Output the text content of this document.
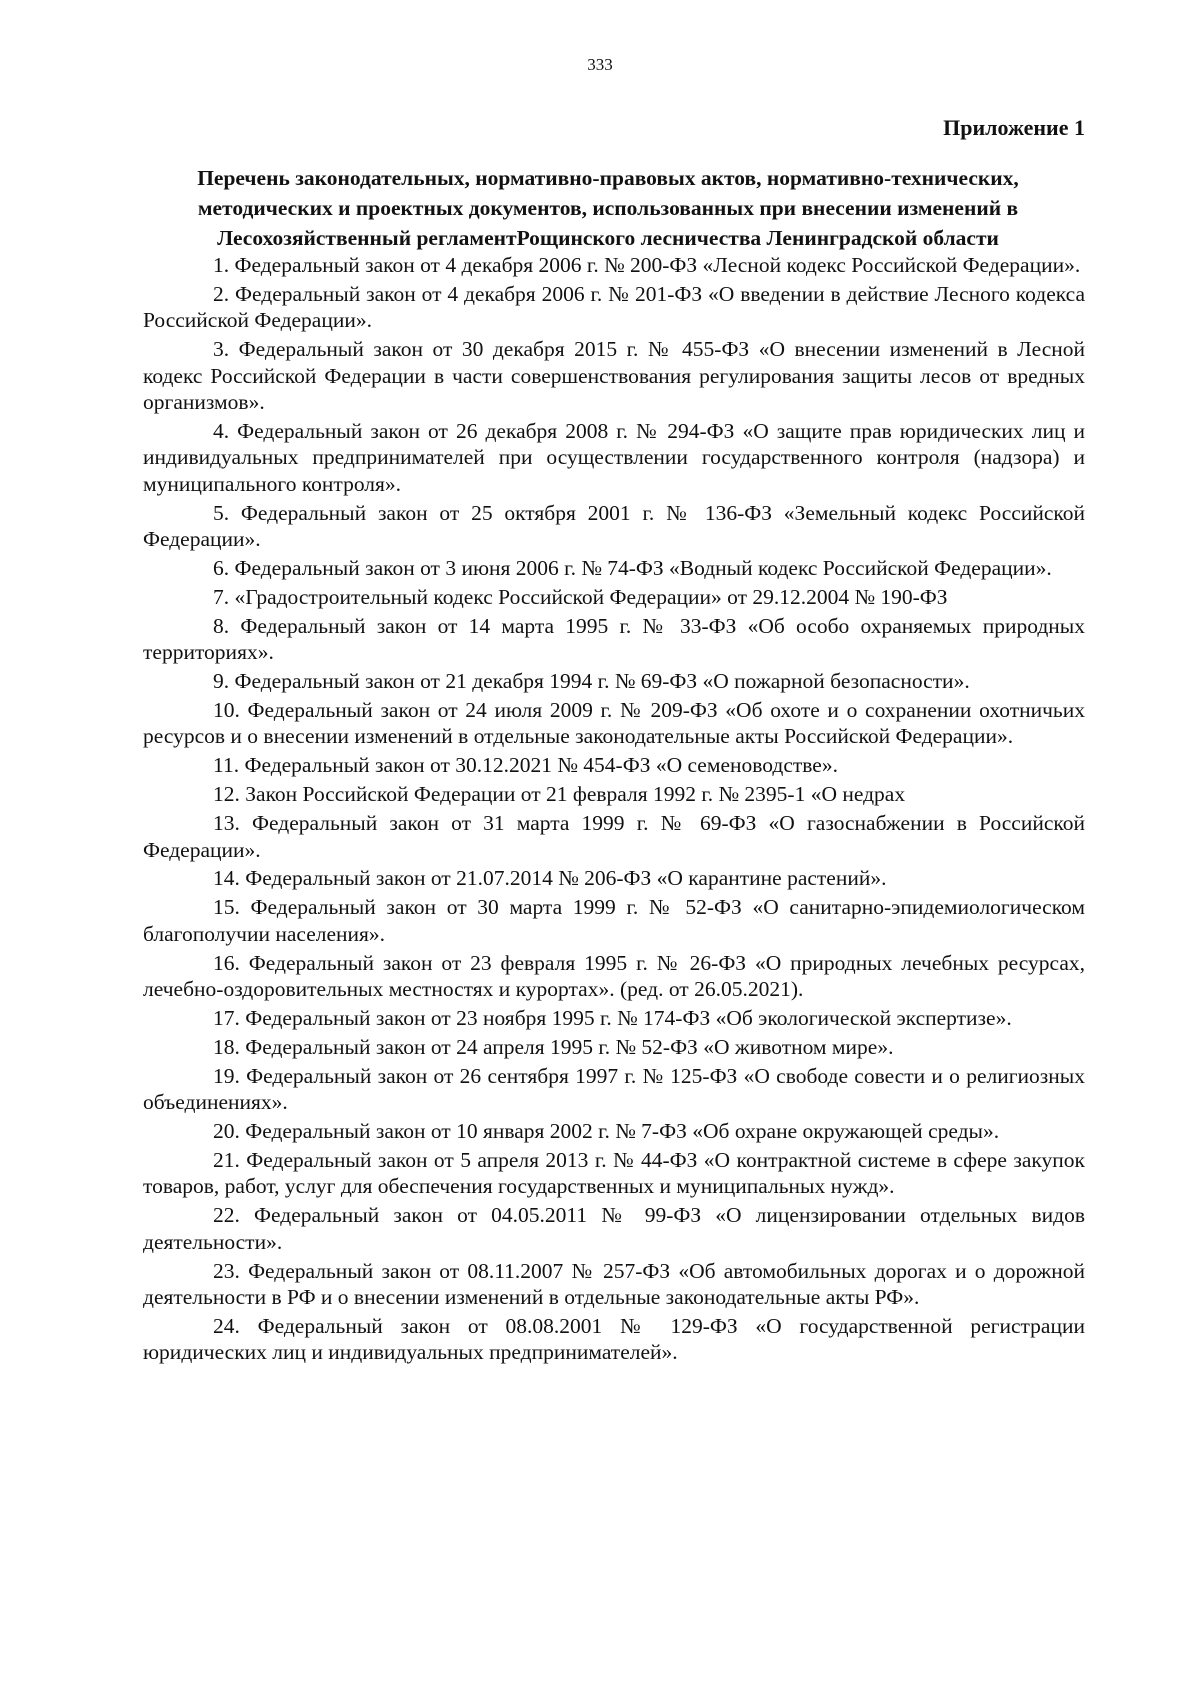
333
Приложение 1
Перечень законодательных, нормативно-правовых актов, нормативно-технических, методических и проектных документов, использованных при внесении изменений в Лесохозяйственный регламентРощинского лесничества Ленинградской области

1. Федеральный закон от 4 декабря 2006 г. № 200-ФЗ «Лесной кодекс Российской Федерации».

2. Федеральный закон от 4 декабря 2006 г. № 201-ФЗ «О введении в действие Лесного кодекса Российской Федерации».

3. Федеральный закон от 30 декабря 2015 г. № 455-ФЗ «О внесении изменений в Лесной кодекс Российской Федерации в части совершенствования регулирования защиты лесов от вредных организмов».

4. Федеральный закон от 26 декабря 2008 г. № 294-ФЗ «О защите прав юридических лиц и индивидуальных предпринимателей при осуществлении государственного контроля (надзора) и муниципального контроля».

5. Федеральный закон от 25 октября 2001 г. № 136-ФЗ «Земельный кодекс Российской Федерации».

6. Федеральный закон от 3 июня 2006 г. № 74-ФЗ «Водный кодекс Российской Федерации».

7. «Градостроительный кодекс Российской Федерации» от 29.12.2004 № 190-ФЗ

8. Федеральный закон от 14 марта 1995 г. № 33-ФЗ «Об особо охраняемых природных территориях».

9. Федеральный закон от 21 декабря 1994 г. № 69-ФЗ «О пожарной безопасности».

10. Федеральный закон от 24 июля 2009 г. № 209-ФЗ «Об охоте и о сохранении охотничьих ресурсов и о внесении изменений в отдельные законодательные акты Российской Федерации».

11. Федеральный закон от 30.12.2021 № 454-ФЗ «О семеноводстве».

12. Закон Российской Федерации от 21 февраля 1992 г. № 2395-1 «О недрах

13. Федеральный закон от 31 марта 1999 г. № 69-ФЗ «О газоснабжении в Российской Федерации».

14. Федеральный закон от 21.07.2014 № 206-ФЗ «О карантине растений».

15. Федеральный закон от 30 марта 1999 г. № 52-ФЗ «О санитарно-эпидемиологическом благополучии населения».

16. Федеральный закон от 23 февраля 1995 г. № 26-ФЗ «О природных лечебных ресурсах, лечебно-оздоровительных местностях и курортах». (ред. от 26.05.2021).

17. Федеральный закон от 23 ноября 1995 г. № 174-ФЗ «Об экологической экспертизе».

18. Федеральный закон от 24 апреля 1995 г. № 52-ФЗ «О животном мире».

19. Федеральный закон от 26 сентября 1997 г. № 125-ФЗ «О свободе совести и о религиозных объединениях».

20. Федеральный закон от 10 января 2002 г. № 7-ФЗ «Об охране окружающей среды».

21. Федеральный закон от 5 апреля 2013 г. № 44-ФЗ «О контрактной системе в сфере закупок товаров, работ, услуг для обеспечения государственных и муниципальных нужд».

22. Федеральный закон от 04.05.2011 № 99-ФЗ «О лицензировании отдельных видов деятельности».

23. Федеральный закон от 08.11.2007 № 257-ФЗ «Об автомобильных дорогах и о дорожной деятельности в РФ и о внесении изменений в отдельные законодательные акты РФ».

24. Федеральный закон от 08.08.2001 № 129-ФЗ «О государственной регистрации юридических лиц и индивидуальных предпринимателей».
